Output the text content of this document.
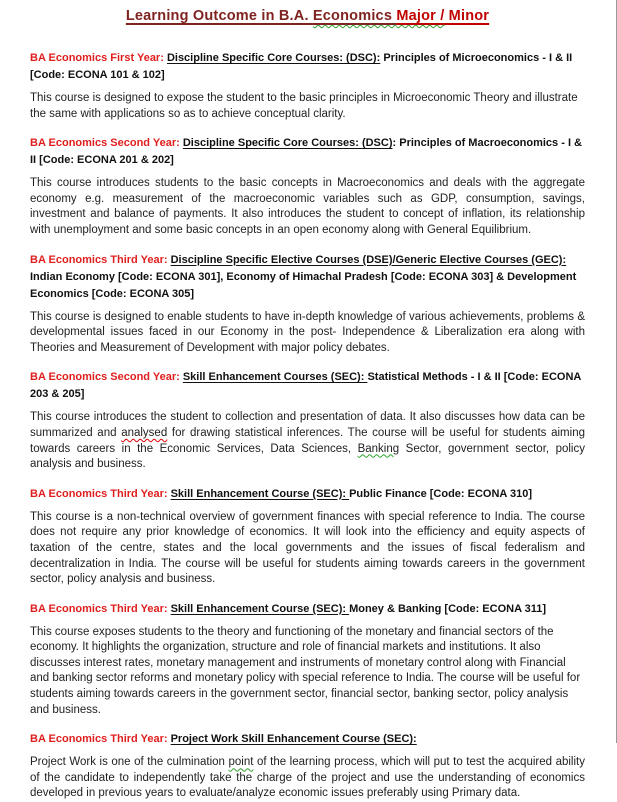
Learning Outcome in B.A. Economics Major / Minor

BA Economics First Year: Discipline Specific Core Courses: (DSC): Principles of Microeconomics - I & II [Code: ECONA 101 & 102]

This course is designed to expose the student to the basic principles in Microeconomic Theory and illustrate the same with applications so as to achieve conceptual clarity.

BA Economics Second Year: Discipline Specific Core Courses: (DSC): Principles of Macroeconomics - I & II [Code: ECONA 201 & 202]

This course introduces students to the basic concepts in Macroeconomics and deals with the aggregate economy e.g. measurement of the macroeconomic variables such as GDP, consumption, savings, investment and balance of payments. It also introduces the student to concept of inflation, its relationship with unemployment and some basic concepts in an open economy along with General Equilibrium.

BA Economics Third Year: Discipline Specific Elective Courses (DSE)/Generic Elective Courses (GEC): Indian Economy [Code: ECONA 301], Economy of Himachal Pradesh [Code: ECONA 303] & Development Economics [Code: ECONA 305]

This course is designed to enable students to have in-depth knowledge of various achievements, problems & developmental issues faced in our Economy in the post- Independence & Liberalization era along with Theories and Measurement of Development with major policy debates.

BA Economics Second Year: Skill Enhancement Courses (SEC): Statistical Methods - I & II [Code: ECONA 203 & 205]

This course introduces the student to collection and presentation of data. It also discusses how data can be summarized and analysed for drawing statistical inferences. The course will be useful for students aiming towards careers in the Economic Services, Data Sciences, Banking Sector, government sector, policy analysis and business.

BA Economics Third Year: Skill Enhancement Course (SEC): Public Finance [Code: ECONA 310]

This course is a non-technical overview of government finances with special reference to India. The course does not require any prior knowledge of economics. It will look into the efficiency and equity aspects of taxation of the centre, states and the local governments and the issues of fiscal federalism and decentralization in India. The course will be useful for students aiming towards careers in the government sector, policy analysis and business.

BA Economics Third Year: Skill Enhancement Course (SEC): Money & Banking [Code: ECONA 311]

This course exposes students to the theory and functioning of the monetary and financial sectors of the economy. It highlights the organization, structure and role of financial markets and institutions. It also discusses interest rates, monetary management and instruments of monetary control along with Financial and banking sector reforms and monetary policy with special reference to India. The course will be useful for students aiming towards careers in the government sector, financial sector, banking sector, policy analysis and business.

BA Economics Third Year: Project Work Skill Enhancement Course (SEC):

Project Work is one of the culmination point of the learning process, which will put to test the acquired ability of the candidate to independently take the charge of the project and use the understanding of economics developed in previous years to evaluate/analyze economic issues preferably using Primary data.
